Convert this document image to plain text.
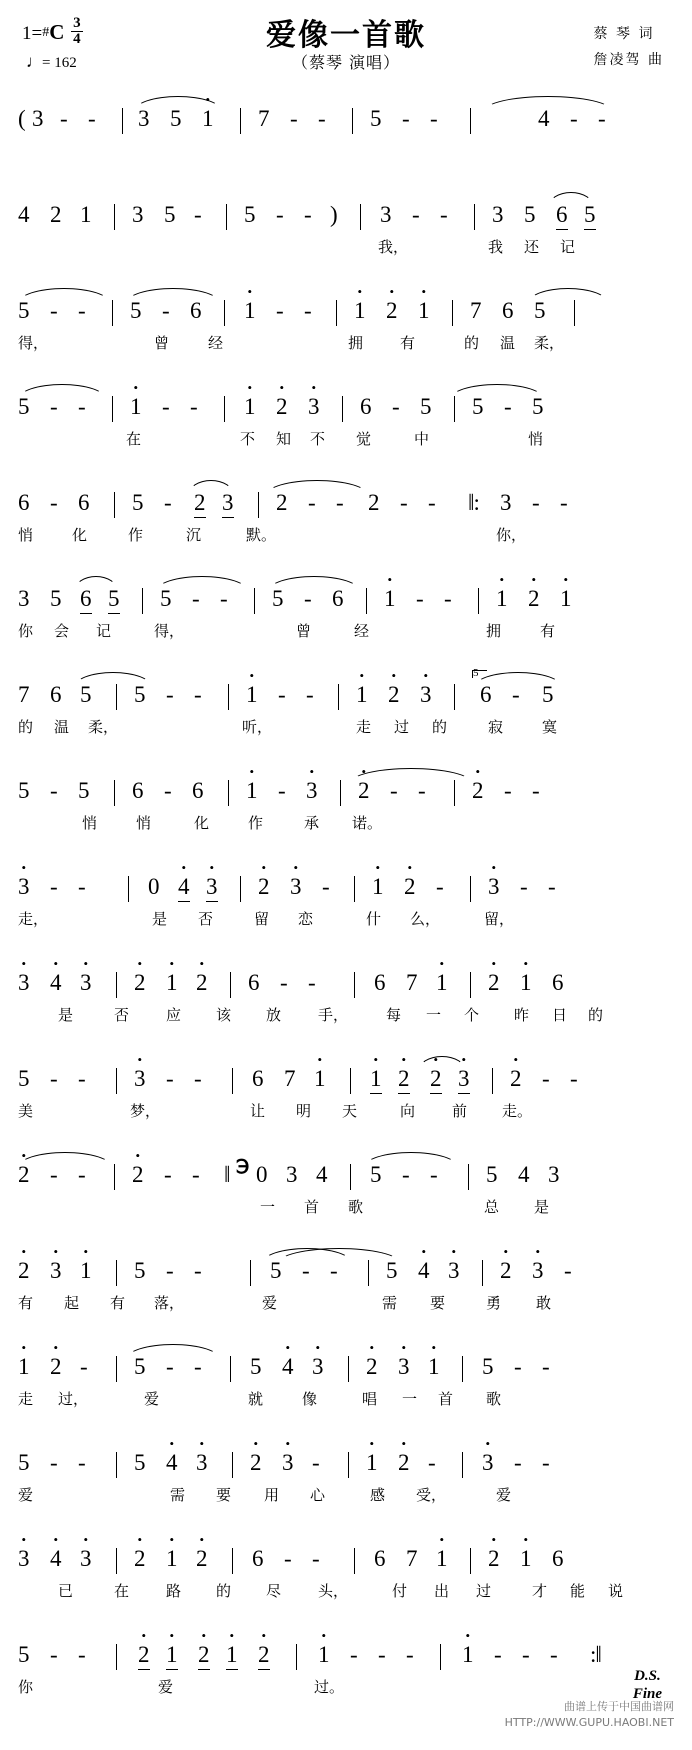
1=#C $\frac{3}{4}$
♩= 162
爱像一首歌
（蔡琴 演唱）
蔡 琴 词
詹凌驾 曲
( 3 - - 3 5 • 1 7 - - 5 - -	4 - -
4 2 1 3 5 - 5 - - ) 3 - - 3 5 6 5
我，	我 还 记
5 - - 5 - 6 • 1 - - • 1 • 2 • 1 7 6 5
得，	曾	经	拥 有	的 温 柔，
5 - - • 1 - - • 1 • 2 • 3 6 - 5 5 - 5
在	不 知 不 觉	中	悄
6 - 6 5 - 2 3 2 - - 2 - - ‖: 3 - -
悄	化	作	沉	默。	你，
3 5 6 5 5 - - 5 - 6 • 1 - - • 1 • 2 • 1
你 会 记	得，	曾	经	拥	有
5
7 6 5 5 - - • 1 - - • 1 • 2 • 3 6 - 5
的 温 柔，	听，	走 过 的	寂	寞
5 - 5 6 - 6 • 1 - • 3 • 2 - - • 2 - -
悄	悄	化	作	承 诺。
• 3 - -	0 • 4 • 3 • 2 • 3 - • 1 • 2 - • 3 - -
走，	是 否	留 恋	什 么，	留，
• 3 • 4 • 3 • 2 • 1 • 2 6 - -	6 7 • 1 • 2 • 1 6
是	否 应 该 放 手，	每 一 个 昨 日 的
5 - - • 3 - - 6 7 • 1 • 1 • 2 • 2 • 3 • 2 - -
美	梦，	让 明 天	向 前 走。
℈
• 2 - - • 2 - - ‖ 0 3 4 5 - - 5 4 3
一 首 歌	总 是
• 2 • 3 • 1 5 - -	5 - - 5 • 4 • 3 • 2 • 3 -
有 起 有 落，	爱	需 要	勇 敢
• 1 • 2 - 5 - - 5 • 4 • 3 • 2 • 3 • 1 5 - -
走 过，	爱	就	像	唱 一 首 歌
5 - - 5 • 4 • 3 • 2 • 3 - • 1 • 2 - • 3 - -
爱	需 要 用 心	感 受，	爱
• 3 • 4 • 3 • 2 • 1 • 2 6 - - 6 7 • 1 • 2 • 1 6
已	在 路 的 尽 头，	付 出 过	才 能 说
5 - - • 2 • 1 • 2 • 1 • 2 • 1 - - - • 1 - - - :‖
你	爱	过。
D.S.
Fine
曲谱上传于中国曲谱网
HTTP://WWW.GUPU.HAOBI.NET
